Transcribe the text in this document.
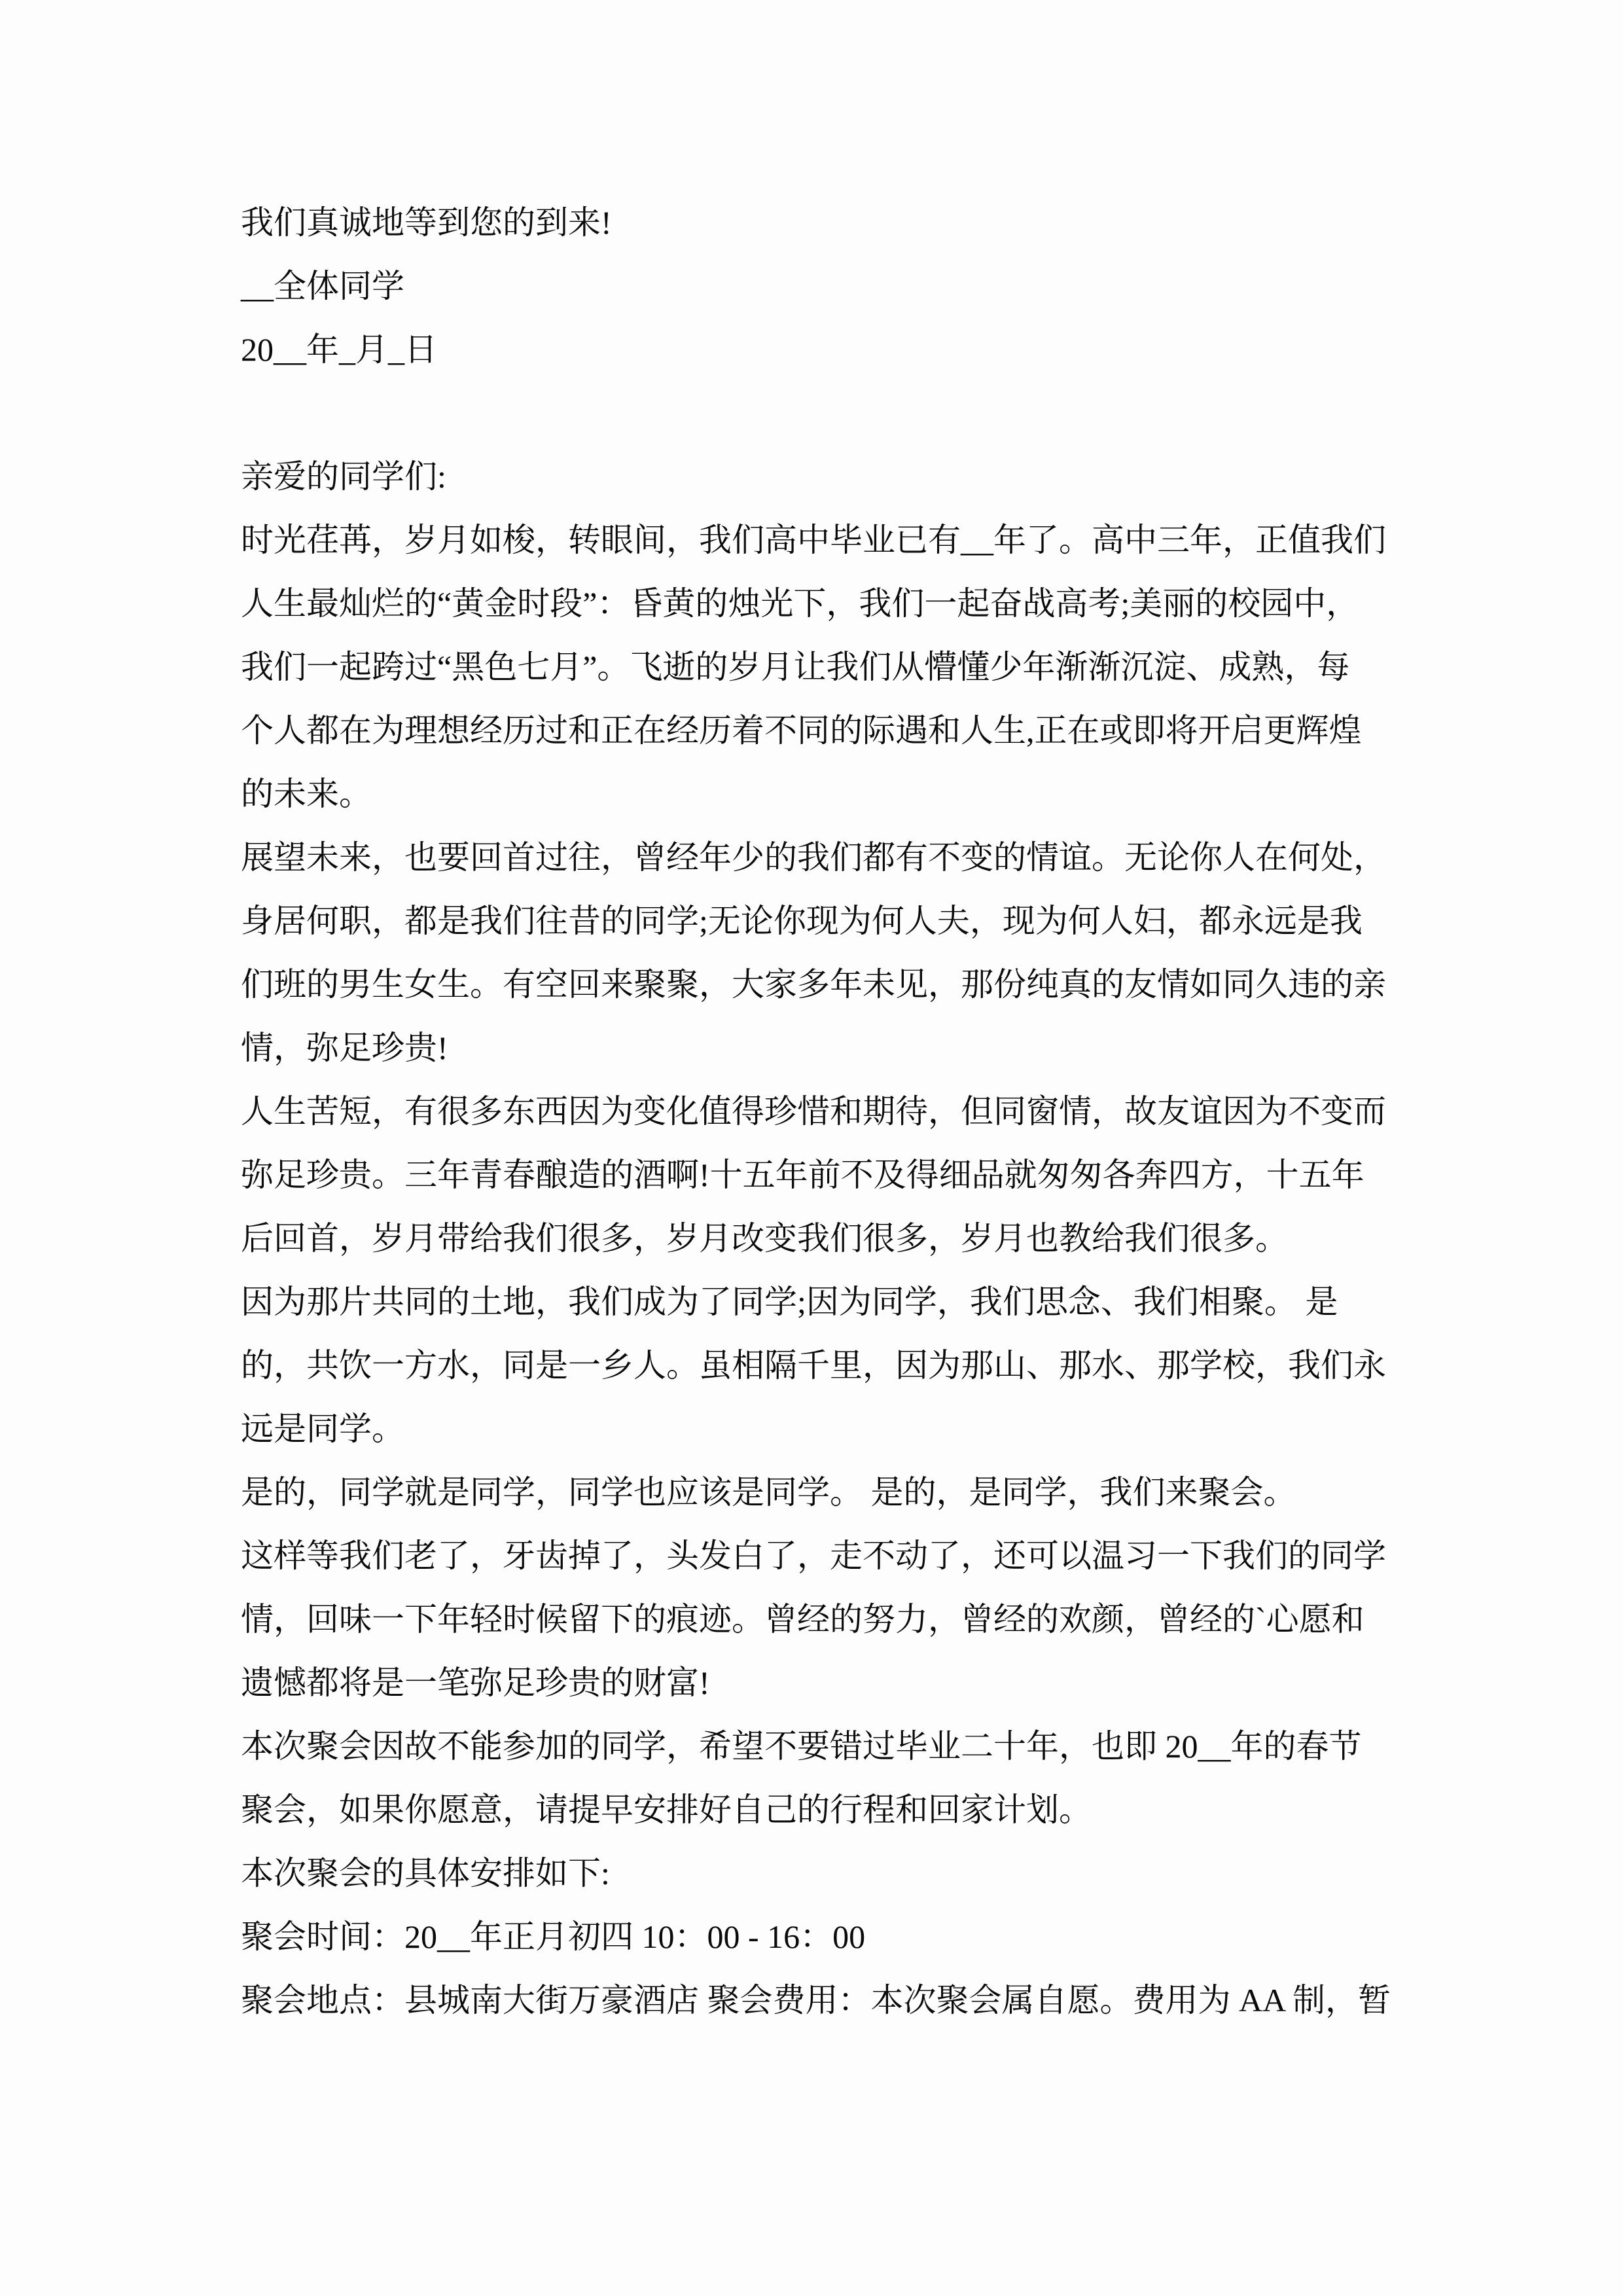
我们真诚地等到您的到来!
__全体同学
20__年_月_日
亲爱的同学们:
时光荏苒，岁月如梭，转眼间，我们高中毕业已有__年了。高中三年，正值我们
人生最灿烂的“黄金时段”：昏黄的烛光下，我们一起奋战高考;美丽的校园中，
我们一起跨过“黑色七月”。飞逝的岁月让我们从懵懂少年渐渐沉淀、成熟，每
个人都在为理想经历过和正在经历着不同的际遇和人生,正在或即将开启更辉煌
的未来。
展望未来，也要回首过往，曾经年少的我们都有不变的情谊。无论你人在何处，
身居何职，都是我们往昔的同学;无论你现为何人夫，现为何人妇，都永远是我
们班的男生女生。有空回来聚聚，大家多年未见，那份纯真的友情如同久违的亲
情，弥足珍贵!
人生苦短，有很多东西因为变化值得珍惜和期待，但同窗情，故友谊因为不变而
弥足珍贵。三年青春酿造的酒啊!十五年前不及得细品就匆匆各奔四方，十五年
后回首，岁月带给我们很多，岁月改变我们很多，岁月也教给我们很多。
因为那片共同的土地，我们成为了同学;因为同学，我们思念、我们相聚。 是
的，共饮一方水，同是一乡人。虽相隔千里，因为那山、那水、那学校，我们永
远是同学。
是的，同学就是同学，同学也应该是同学。 是的，是同学，我们来聚会。
这样等我们老了，牙齿掉了，头发白了，走不动了，还可以温习一下我们的同学
情，回味一下年轻时候留下的痕迹。曾经的努力，曾经的欢颜，曾经的`心愿和
遗憾都将是一笔弥足珍贵的财富!
本次聚会因故不能参加的同学，希望不要错过毕业二十年，也即 20__年的春节
聚会，如果你愿意，请提早安排好自己的行程和回家计划。
本次聚会的具体安排如下:
聚会时间：20__年正月初四 10：00 - 16：00
聚会地点：县城南大街万豪酒店 聚会费用：本次聚会属自愿。费用为 AA 制，暂
